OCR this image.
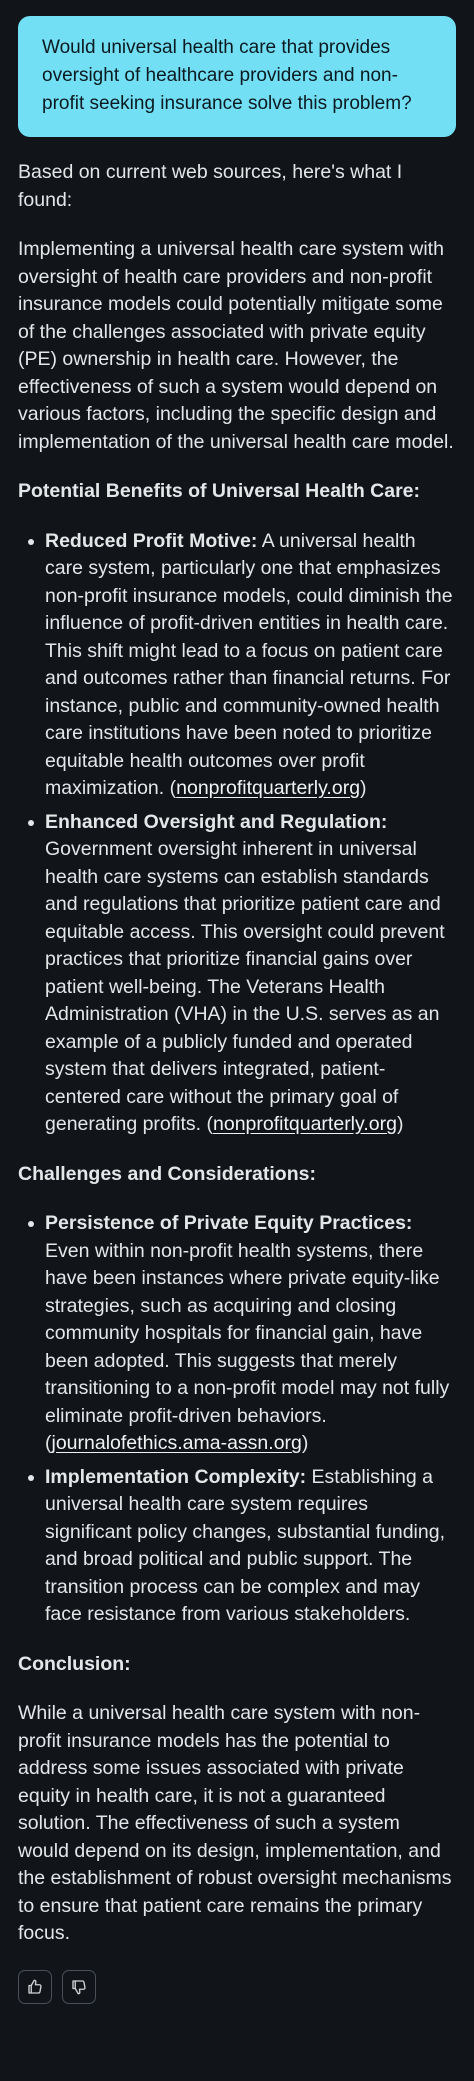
Would universal health care that provides oversight of healthcare providers and non-profit seeking insurance solve this problem?

Based on current web sources, here's what I found:

Implementing a universal health care system with oversight of health care providers and non-profit insurance models could potentially mitigate some of the challenges associated with private equity (PE) ownership in health care. However, the effectiveness of such a system would depend on various factors, including the specific design and implementation of the universal health care model.

Potential Benefits of Universal Health Care:
Reduced Profit Motive: A universal health care system, particularly one that emphasizes non-profit insurance models, could diminish the influence of profit-driven entities in health care. This shift might lead to a focus on patient care and outcomes rather than financial returns. For instance, public and community-owned health care institutions have been noted to prioritize equitable health outcomes over profit maximization. (nonprofitquarterly.org)
Enhanced Oversight and Regulation: Government oversight inherent in universal health care systems can establish standards and regulations that prioritize patient care and equitable access. This oversight could prevent practices that prioritize financial gains over patient well-being. The Veterans Health Administration (VHA) in the U.S. serves as an example of a publicly funded and operated system that delivers integrated, patient-centered care without the primary goal of generating profits. (nonprofitquarterly.org)
Challenges and Considerations:
Persistence of Private Equity Practices: Even within non-profit health systems, there have been instances where private equity-like strategies, such as acquiring and closing community hospitals for financial gain, have been adopted. This suggests that merely transitioning to a non-profit model may not fully eliminate profit-driven behaviors. (journalofethics.ama-assn.org)
Implementation Complexity: Establishing a universal health care system requires significant policy changes, substantial funding, and broad political and public support. The transition process can be complex and may face resistance from various stakeholders.
Conclusion:

While a universal health care system with non-profit insurance models has the potential to address some issues associated with private equity in health care, it is not a guaranteed solution. The effectiveness of such a system would depend on its design, implementation, and the establishment of robust oversight mechanisms to ensure that patient care remains the primary focus.
